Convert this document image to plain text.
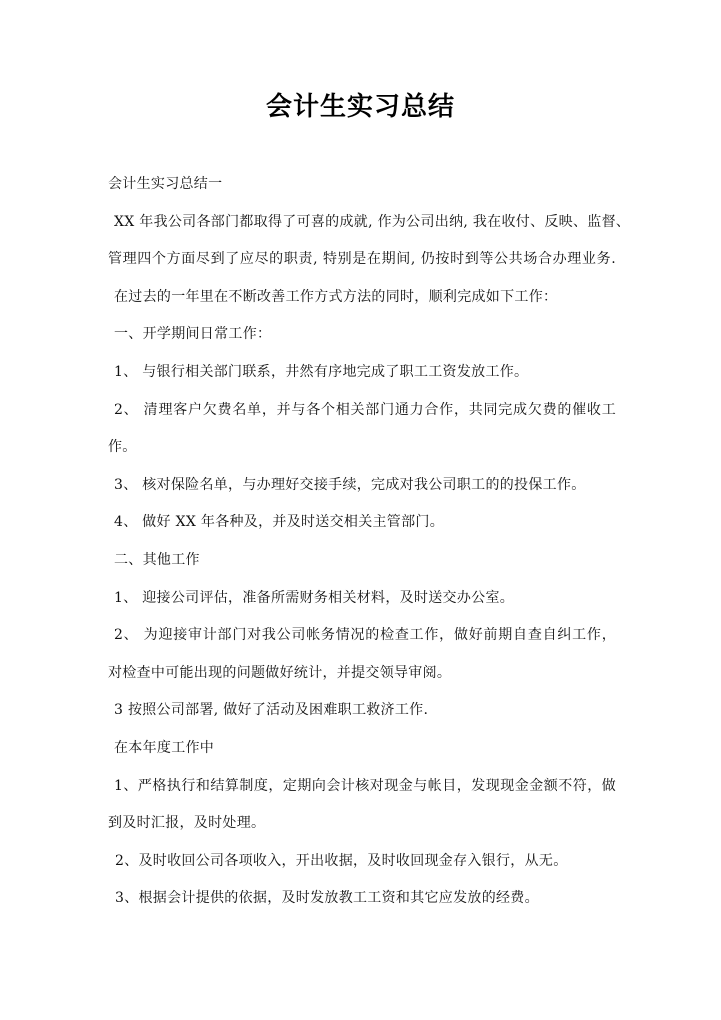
会计生实习总结
会计生实习总结一
XX 年我公司各部门都取得了可喜的成就, 作为公司出纳, 我在收付、反映、监督、
管理四个方面尽到了应尽的职责, 特别是在期间, 仍按时到等公共场合办理业务.
在过去的一年里在不断改善工作方式方法的同时，顺利完成如下工作：
一、开学期间日常工作：
1、 与银行相关部门联系，井然有序地完成了职工工资发放工作。
2、 清理客户欠费名单，并与各个相关部门通力合作，共同完成欠费的催收工
作。
3、 核对保险名单，与办理好交接手续，完成对我公司职工的的投保工作。
4、 做好 XX 年各种及，并及时送交相关主管部门。
二、其他工作
1、 迎接公司评估，准备所需财务相关材料，及时送交办公室。
2、 为迎接审计部门对我公司帐务情况的检查工作，做好前期自查自纠工作，
对检查中可能出现的问题做好统计，并提交领导审阅。
3 按照公司部署, 做好了活动及困难职工救济工作.
在本年度工作中
1、严格执行和结算制度，定期向会计核对现金与帐目，发现现金金额不符，做
到及时汇报，及时处理。
2、及时收回公司各项收入，开出收据，及时收回现金存入银行，从无。
3、根据会计提供的依据，及时发放教工工资和其它应发放的经费。
